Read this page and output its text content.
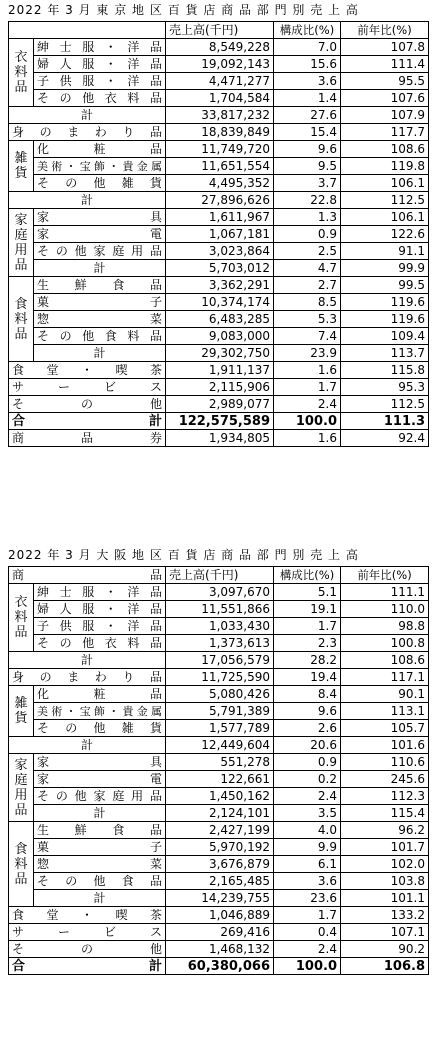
2022 年 3 月 東 京 地 区 百 貨 店 商 品 部 門 別 売 上 高
		売上高(千円)	構成比(%)	前年比(%)
衣
料
品	紳士服・洋品	8,549,228	7.0	107.8
	婦人服・洋品	19,092,143	15.6	111.4
	子供服・洋品	4,471,277	3.6	95.5
	その他衣料品	1,704,584	1.4	107.6
計		33,817,232	27.6	107.9
身のまわり品		18,839,849	15.4	117.7
雑
貨	化粧品	11,749,720	9.6	108.6
	美術・宝飾・貴金属	11,651,554	9.5	119.8
	その他雑貨	4,495,352	3.7	106.1
計		27,896,626	22.8	112.5
家
庭
用
品	家具	1,611,967	1.3	106.1
	家電	1,067,181	0.9	122.6
	その他家庭用品	3,023,864	2.5	91.1
	計	5,703,012	4.7	99.9
食
料
品	生鮮食品	3,362,291	2.7	99.5
	菓子	10,374,174	8.5	119.6
	惣菜	6,483,285	5.3	119.6
	その他食料品	9,083,000	7.4	109.4
	計	29,302,750	23.9	113.7
食堂・喫茶		1,911,137	1.6	115.8
サービス		2,115,906	1.7	95.3
その他		2,989,077	2.4	112.5
合計		122,575,589	100.0	111.3
商品券		1,934,805	1.6	92.4
2022 年 3 月 大 阪 地 区 百 貨 店 商 品 部 門 別 売 上 高
商　　　　　　品		売上高(千円)	構成比(%)	前年比(%)
衣
料
品	紳士服・洋品	3,097,670	5.1	111.1
	婦人服・洋品	11,551,866	19.1	110.0
	子供服・洋品	1,033,430	1.7	98.8
	その他衣料品	1,373,613	2.3	100.8
計		17,056,579	28.2	108.6
身のまわり品		11,725,590	19.4	117.1
雑
貨	化粧品	5,080,426	8.4	90.1
	美術・宝飾・貴金属	5,791,389	9.6	113.1
	その他雑貨	1,577,789	2.6	105.7
計		12,449,604	20.6	101.6
家
庭
用
品	家具	551,278	0.9	110.6
	家電	122,661	0.2	245.6
	その他家庭用品	1,450,162	2.4	112.3
	計	2,124,101	3.5	115.4
食
料
品	生鮮食品	2,427,199	4.0	96.2
	菓子	5,970,192	9.9	101.7
	惣菜	3,676,879	6.1	102.0
	その他食品	2,165,485	3.6	103.8
	計	14,239,755	23.6	101.1
食堂・喫茶		1,046,889	1.7	133.2
サービス		269,416	0.4	107.1
その他		1,468,132	2.4	90.2
合計		60,380,066	100.0	106.8
